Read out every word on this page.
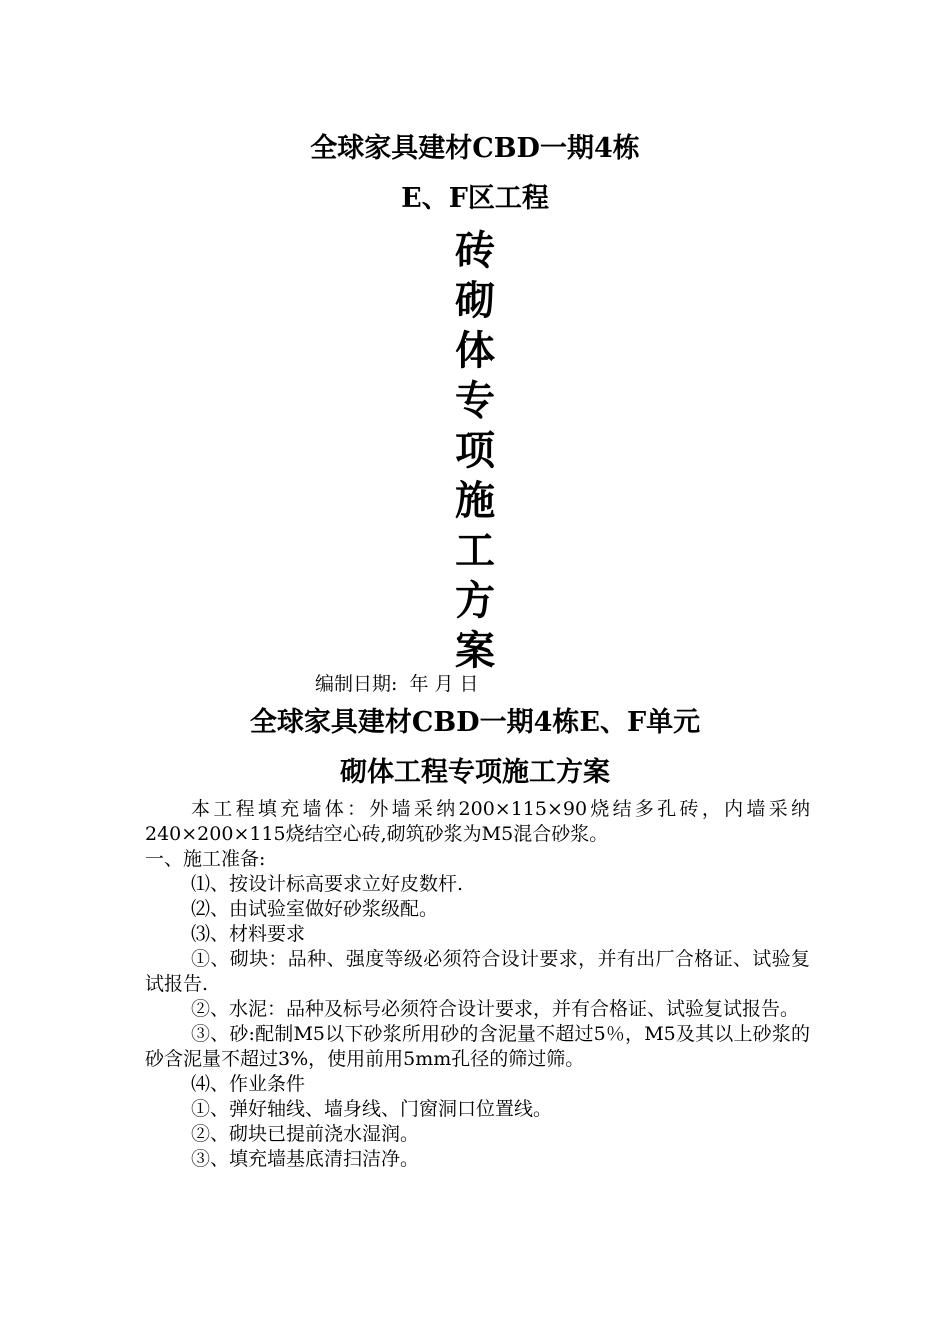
全球家具建材CBD一期4栋
E、F区工程
砖
砌
体
专
项
施
工
方
案
编制日期:  年 月 日
全球家具建材CBD一期4栋E、F单元
砌体工程专项施工方案

本工程填充墙体：外墙采纳200×115×90烧结多孔砖，内墙采纳240×200×115烧结空心砖,砌筑砂浆为M5混合砂浆。

一、施工准备:

⑴、按设计标高要求立好皮数杆.

⑵、由试验室做好砂浆级配。

⑶、材料要求

①、砌块：品种、强度等级必须符合设计要求，并有出厂合格证、试验复试报告.

②、水泥：品种及标号必须符合设计要求，并有合格证、试验复试报告。

③、砂:配制M5以下砂浆所用砂的含泥量不超过5％，M5及其以上砂浆的砂含泥量不超过3%，使用前用5mm孔径的筛过筛。

⑷、作业条件

①、弹好轴线、墙身线、门窗洞口位置线。

②、砌块已提前浇水湿润。

③、填充墙基底清扫洁净。
